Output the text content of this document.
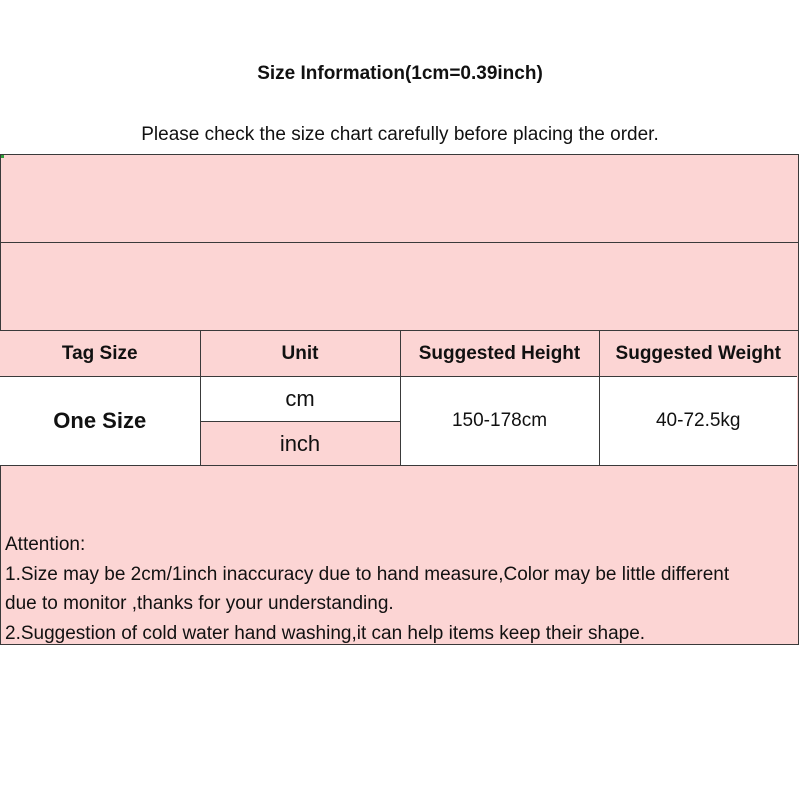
Size Information(1cm=0.39inch)
Please check the size chart carefully before placing the order.
Tag Size	Unit	Suggested Height	Suggested Weight
One Size	cm	150-178cm	40-72.5kg
	inch		
Attention:
1.Size may be 2cm/1inch inaccuracy due to hand measure,Color may be little different
due to monitor ,thanks for your understanding.
2.Suggestion of cold water hand washing,it can help items keep their shape.
